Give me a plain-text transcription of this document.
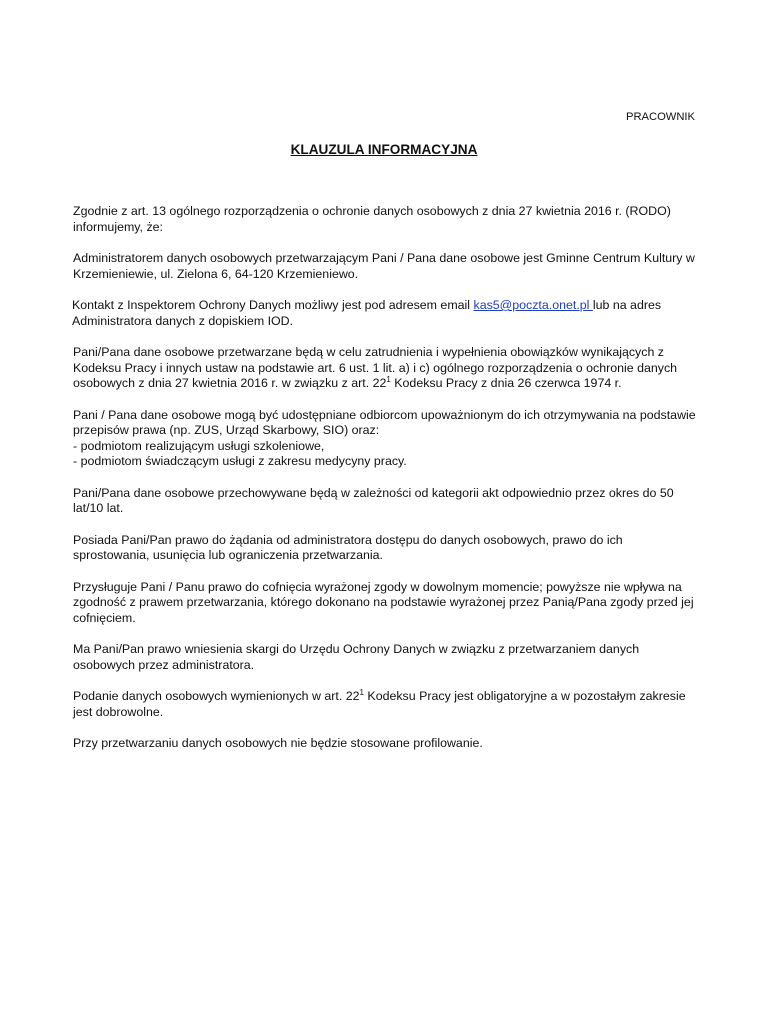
PRACOWNIK

KLAUZULA INFORMACYJNA

Zgodnie z art. 13 ogólnego rozporządzenia o ochronie danych osobowych z dnia 27 kwietnia 2016 r. (RODO) informujemy, że:

Administratorem danych osobowych przetwarzającym Pani / Pana dane osobowe jest Gminne Centrum Kultury w Krzemieniewie, ul. Zielona 6, 64-120 Krzemieniewo.

Kontakt z Inspektorem Ochrony Danych możliwy jest pod adresem email kas5@poczta.onet.pl lub na adres Administratora danych z dopiskiem IOD.

Pani/Pana dane osobowe przetwarzane będą w celu zatrudnienia i wypełnienia obowiązków wynikających z Kodeksu Pracy i innych ustaw na podstawie art. 6 ust. 1 lit. a) i c) ogólnego rozporządzenia o ochronie danych osobowych z dnia 27 kwietnia 2016 r. w związku z art. $22^1$ Kodeksu Pracy z dnia 26 czerwca 1974 r.

Pani / Pana dane osobowe mogą być udostępniane odbiorcom upoważnionym do ich otrzymywania na podstawie przepisów prawa (np. ZUS, Urząd Skarbowy, SIO) oraz:
- podmiotom realizującym usługi szkoleniowe,
- podmiotom świadczącym usługi z zakresu medycyny pracy.

Pani/Pana dane osobowe przechowywane będą w zależności od kategorii akt odpowiednio przez okres do 50 lat/10 lat.

Posiada Pani/Pan prawo do żądania od administratora dostępu do danych osobowych, prawo do ich sprostowania, usunięcia lub ograniczenia przetwarzania.

Przysługuje Pani / Panu prawo do cofnięcia wyrażonej zgody w dowolnym momencie; powyższe nie wpływa na zgodność z prawem przetwarzania, którego dokonano na podstawie wyrażonej przez Panią/Pana zgody przed jej cofnięciem.

Ma Pani/Pan prawo wniesienia skargi do Urzędu Ochrony Danych w związku z przetwarzaniem danych osobowych przez administratora.

Podanie danych osobowych wymienionych w art. $22^1$ Kodeksu Pracy jest obligatoryjne a w pozostałym zakresie jest dobrowolne.

Przy przetwarzaniu danych osobowych nie będzie stosowane profilowanie.
